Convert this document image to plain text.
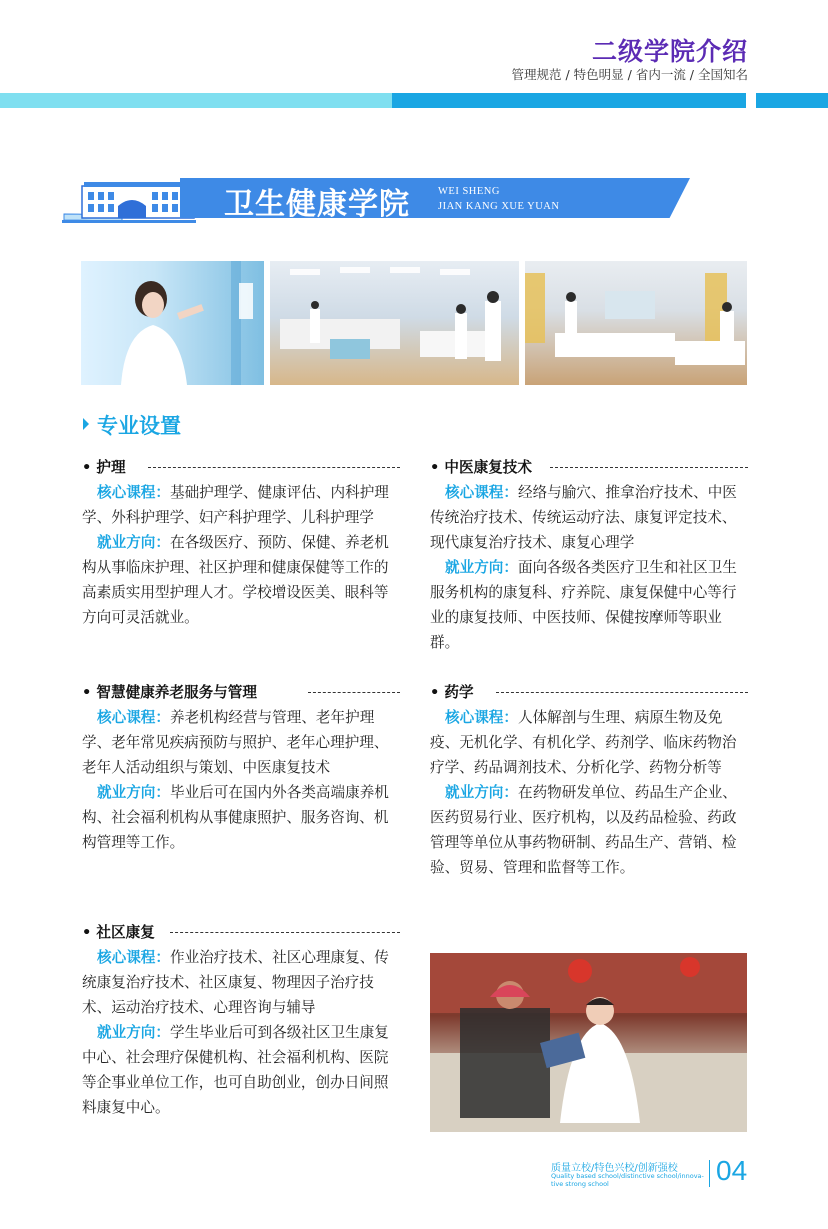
二级学院介绍
管理规范 / 特色明显 / 省内一流 / 全国知名
卫生健康学院	WEI SHENG
JIAN KANG XUE YUAN
专业设置
• 护理

核心课程：基础护理学、健康评估、内科护理学、外科护理学、妇产科护理学、儿科护理学

就业方向：在各级医疗、预防、保健、养老机构从事临床护理、社区护理和健康保健等工作的高素质实用型护理人才。学校增设医美、眼科等方向可灵活就业。

• 智慧健康养老服务与管理

核心课程：养老机构经营与管理、老年护理学、老年常见疾病预防与照护、老年心理护理、老年人活动组织与策划、中医康复技术

就业方向：毕业后可在国内外各类高端康养机构、社会福利机构从事健康照护、服务咨询、机构管理等工作。

• 社区康复

核心课程：作业治疗技术、社区心理康复、传统康复治疗技术、社区康复、物理因子治疗技术、运动治疗技术、心理咨询与辅导

就业方向：学生毕业后可到各级社区卫生康复中心、社会理疗保健机构、社会福利机构、医院等企事业单位工作，也可自助创业，创办日间照料康复中心。

• 中医康复技术

核心课程：经络与腧穴、推拿治疗技术、中医传统治疗技术、传统运动疗法、康复评定技术、现代康复治疗技术、康复心理学

就业方向：面向各级各类医疗卫生和社区卫生服务机构的康复科、疗养院、康复保健中心等行业的康复技师、中医技师、保健按摩师等职业群。

• 药学

核心课程：人体解剖与生理、病原生物及免疫、无机化学、有机化学、药剂学、临床药物治疗学、药品调剂技术、分析化学、药物分析等

就业方向：在药物研发单位、药品生产企业、医药贸易行业、医疗机构，以及药品检验、药政管理等单位从事药物研制、药品生产、营销、检验、贸易、管理和监督等工作。

质量立校/特色兴校/创新强校
Quality based school/distinctive school/innova-tive strong school	04
